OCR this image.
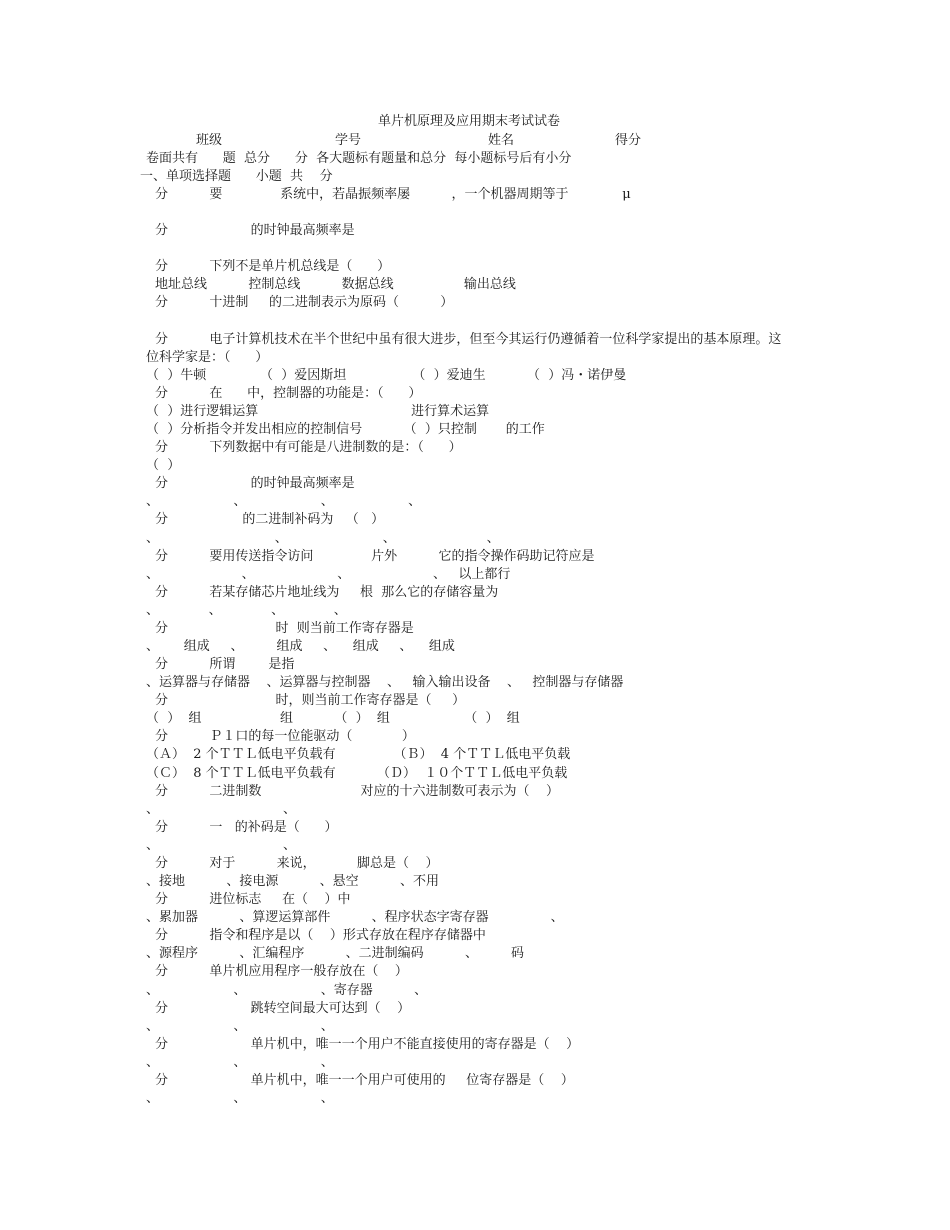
单片机原理及应用期末考试试卷
班级	学号	姓名	得分
卷面共有      题  总分      分  各大题标有题量和总分  每小题标号后有小分
一、单项选择题      小题  共    分
分          要              系统中，若晶振频率屡          ，一个机器周期等于             μ

分                    的时钟最高频率是

分          下列不是单片机总线是（      ）
地址总线          控制总线          数据总线                 输出总线
分          十进制     的二进制表示为原码（          ）

分          电子计算机技术在半个世纪中虽有很大进步，但至今其运行仍遵循着一位科学家提出的基本原理。这
位科学家是：（      ）
（  ）牛顿             （  ）爱因斯坦                （  ）爱迪生          （  ）冯・诺伊曼
分          在      中，控制器的功能是：（      ）
（  ）进行逻辑运算                                     进行算术运算
（  ）分析指令并发出相应的控制信号          （  ）只控制       的工作
分          下列数据中有可能是八进制数的是：（      ）
（  ）
分                    的时钟最高频率是
、                  、                  、                  、
分                  的二进制补码为   （   ）
、                            、                       、                      、
分          要用传送指令访问              片外          它的指令操作码助记符应是
、                    、                    、                    、   以上都行
分          若某存储芯片地址线为     根  那么它的存储容量为
、            、            、            、
分                          时  则当前工作寄存器是
、      组成     、        组成     、    组成     、    组成
分          所谓        是指
、运算器与存储器    、运算器与控制器    、   输入输出设备    、   控制器与存储器
分                          时，则当前工作寄存器是（     ）
（  ）  组                   组          （  ）  组                  （  ）  组
分          Ｐ１口的每一位能驱动（            ）
（Ａ）  2 个ＴＴＬ低电平负载有              （Ｂ）  4 个ＴＴＬ低电平负载
（Ｃ）  8 个ＴＴＬ低电平负载有          （Ｄ）  １０个ＴＴＬ低电平负载
分          二进制数                        对应的十六进制数可表示为（    ）
、                              、
分          一   的补码是（      ）
、                              、
分          对于          来说，          脚总是（    ）
、接地          、接电源          、悬空          、不用
分          进位标志     在（    ）中
、累加器          、算逻运算部件          、程序状态字寄存器               、
分          指令和程序是以（    ）形式存放在程序存储器中
、源程序          、汇编程序          、二进制编码          、        码
分          单片机应用程序一般存放在（    ）
、                  、                  、寄存器          、
分                    跳转空间最大可达到（    ）
、                  、                  、
分                    单片机中，唯一一个用户不能直接使用的寄存器是（    ）
、                  、                  、
分                    单片机中，唯一一个用户可使用的     位寄存器是（    ）
、                  、                  、
